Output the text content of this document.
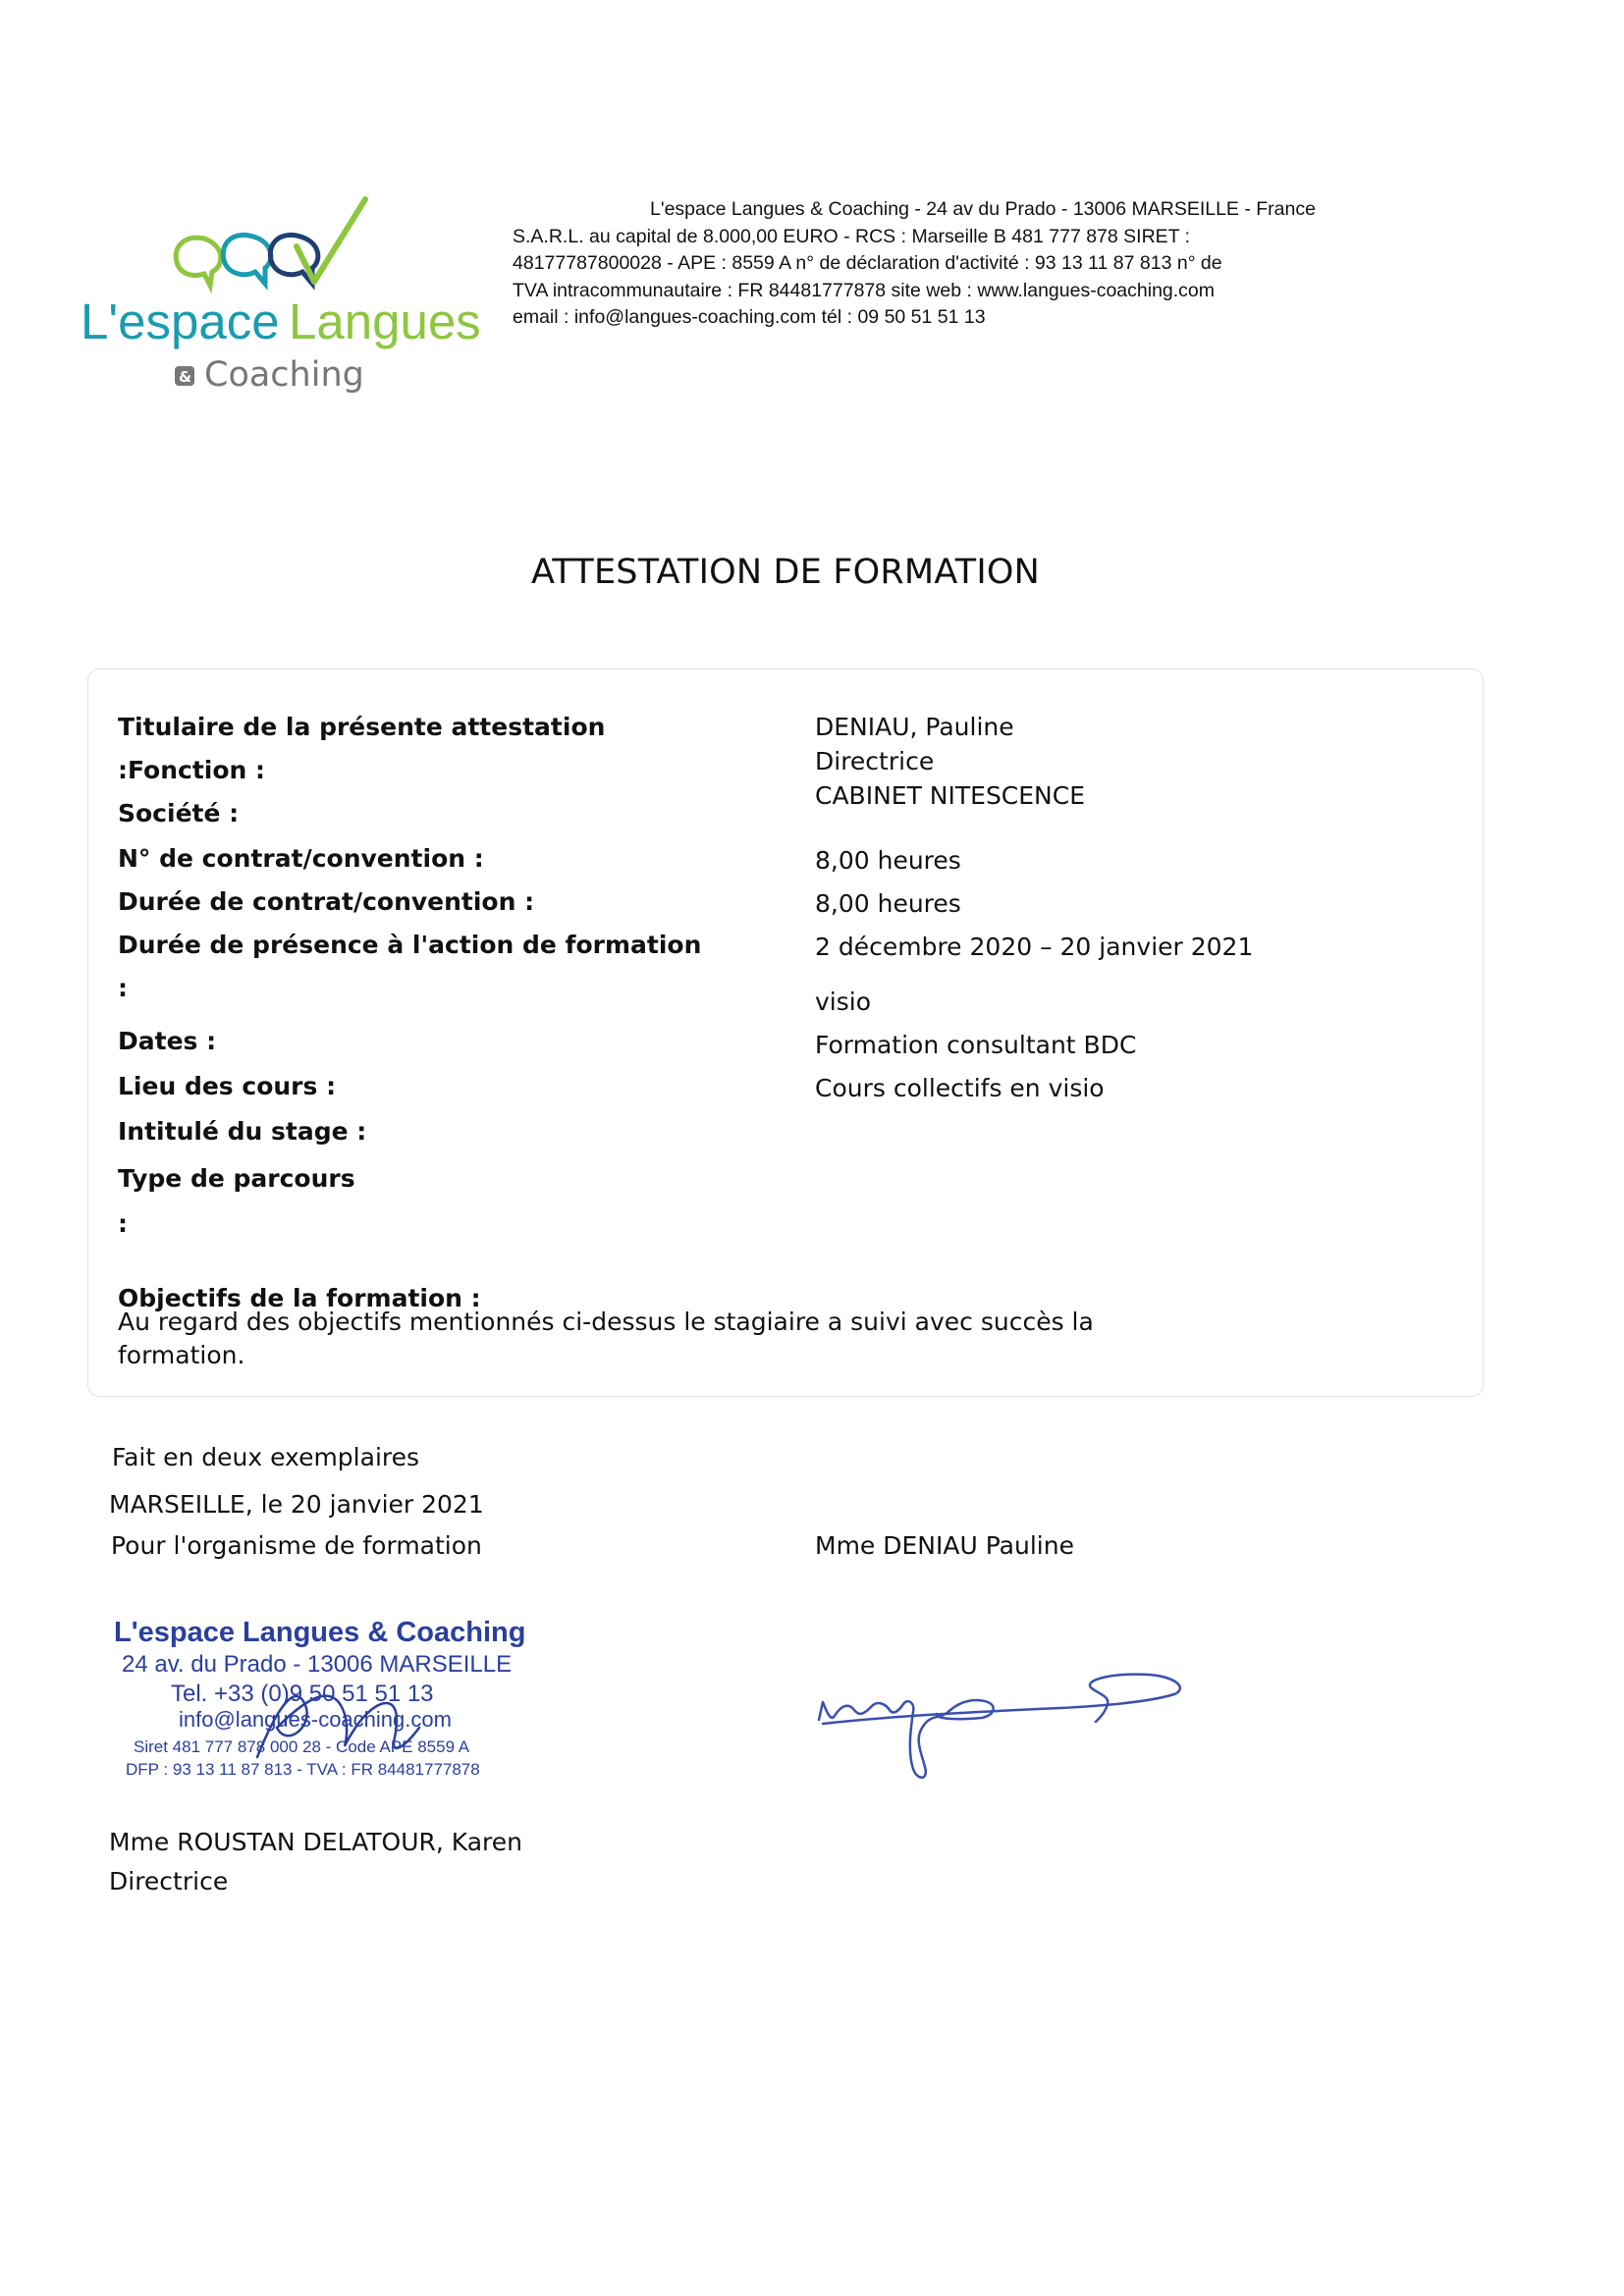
L'espace Langues
& Coaching
L'espace Langues & Coaching - 24 av du Prado - 13006 MARSEILLE - France
S.A.R.L. au capital de 8.000,00 EURO - RCS : Marseille B 481 777 878 SIRET :
48177787800028 - APE : 8559 A n° de déclaration d'activité : 93 13 11 87 813 n° de
TVA intracommunautaire : FR 84481777878 site web : www.langues-coaching.com
email : info@langues-coaching.com tél : 09 50 51 51 13
ATTESTATION DE FORMATION
Titulaire de la présente attestation
:Fonction :
Société :
N° de contrat/convention :
Durée de contrat/convention :
Durée de présence à l'action de formation
:
Dates :
Lieu des cours :
Intitulé du stage :
Type de parcours
:
Objectifs de la formation :
DENIAU, Pauline
Directrice
CABINET NITESCENCE
8,00 heures
8,00 heures
2 décembre 2020 – 20 janvier 2021
visio
Formation consultant BDC
Cours collectifs en visio
Au regard des objectifs mentionnés ci-dessus le stagiaire a suivi avec succès la
formation.
Fait en deux exemplaires
MARSEILLE, le 20 janvier 2021
Pour l'organisme de formation	Mme DENIAU Pauline
L'espace Langues & Coaching
24 av. du Prado - 13006 MARSEILLE
Tel. +33 (0)9 50 51 51 13
info@langues-coaching.com
Siret 481 777 878 000 28 - Code APE 8559 A
DFP : 93 13 11 87 813 - TVA : FR 84481777878
Mme ROUSTAN DELATOUR, Karen
Directrice
